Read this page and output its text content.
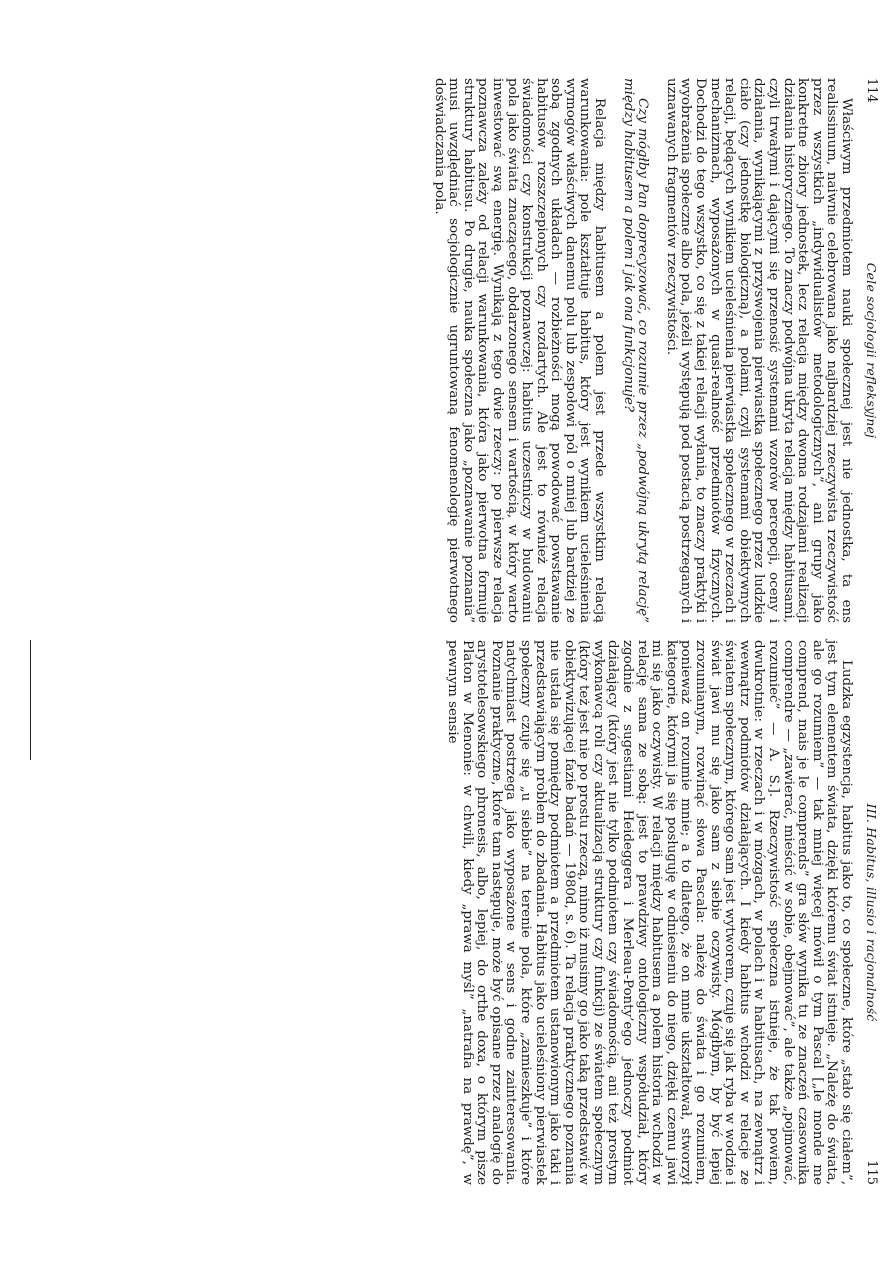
114
Cele socjologii refleksyjnej

Właściwym przedmiotem nauki społecznej jest nie jednostka, ta ens realissimum, naiwnie celebrowana jako najbardziej rzeczywista rzeczywistość przez wszystkich „indywidualistów metodologicznych”, ani grupy jako konkretne zbiory jednostek, lecz relacja między dwoma rodzajami realizacji działania historycznego. To znaczy podwójna ukryta relacja między habitusami, czyli trwałymi i dającymi się przenosić systemami wzorów percepcji, oceny i działania, wynikającymi z przyswojenia pierwiastka społecznego przez ludzkie ciało (czy jednostkę biologiczną), a polami, czyli systemami obiektywnych relacji, będących wynikiem ucieleśnienia pierwiastka społecznego w rzeczach i mechanizmach, wyposażonych w quasi-realność przedmiotów fizycznych. Dochodzi do tego wszystko, co się z takiej relacji wyłania, to znaczy praktyki i wyobrażenia społeczne albo pola, jeżeli występują pod postacią postrzeganych i uznawanych fragmentów rzeczywistości.

Czy mógłby Pan doprecyzować, co rozumie przez „podwójną ukrytą relację” między habitusem a polem i jak ona funkcjonuje?

Relacja między habitusem a polem jest przede wszystkim relacją warunkowania: pole kształtuje habitus, który jest wynikiem ucieleśnienia wymogów właściwych danemu polu lub zespołowi pól o mniej lub bardziej ze sobą zgodnych układach — rozbieżności mogą powodować powstawanie habitusów rozszczepionych czy rozdartych. Ale jest to również relacja świadomości czy konstrukcji poznawczej: habitus uczestniczy w budowaniu pola jako świata znaczącego, obdarzonego sensem i wartością, w który warto inwestować swą energię. Wynikają z tego dwie rzeczy: po pierwsze relacja poznawcza zależy od relacji warunkowania, która jako pierwotna formuje struktury habitusu. Po drugie, nauka społeczna jako „poznawanie poznania” musi uwzględniać socjologicznie ugruntowaną fenomenologię pierwotnego doświadczania pola.

III. Habitus, illusio i racjonalność
115

Ludzka egzystencja, habitus jako to, co społeczne, które „stało się ciałem”, jest tym elementem świata, dzięki któremu świat istnieje. „Należę do świata, ale go rozumiem” — tak mniej więcej mówił o tym Pascal [„le monde me comprend, mais je le comprends” gra słów wynika tu ze znaczeń czasownika comprendre — „zawierać, mieścić w sobie, obejmować”, ale także „pojmować, rozumieć” — A. S.]. Rzeczywistość społeczna istnieje, że tak powiem, dwukrotnie: w rzeczach i w mózgach, w polach i w habitusach, na zewnątrz i wewnątrz podmiotów działających. I kiedy habitus wchodzi w relacje ze światem społecznym, którego sam jest wytworem, czuje się jak ryba w wodzie i świat jawi mu się jako sam z siebie oczywisty. Mógłbym, by być lepiej zrozumianym, rozwinąć słowa Pascala: należę do świata i go rozumiem, ponieważ on rozumie mnie; a to dlatego, że on mnie ukształtował, stworzył kategorie, którymi ja się posługuję w odniesieniu do niego, dzięki czemu jawi mi się jako oczywisty. W relacji między habitusem a polem historia wchodzi w relację sama ze sobą: jest to prawdziwy ontologiczny współudział, który zgodnie z sugestiami Heideggera i Merleau-Ponty’ego jednoczy podmiot działający (który jest nie tylko podmiotem czy świadomością, ani też prostym wykonawcą roli czy aktualizacją struktury czy funkcji) ze światem społecznym (który też jest nie po prostu rzeczą, mimo iż musimy go jako taką przedstawić w obiektywizującej fazie badań — 1980d, s. 6). Ta relacja praktycznego poznania nie ustala się pomiędzy podmiotem a przedmiotem ustanowionym jako taki i przedstawiającym problem do zbadania. Habitus jako ucieleśniony pierwiastek społeczny czuje się „u siebie” na terenie pola, które „zamieszkuje” i które natychmiast postrzega jako wyposażone w sens i godne zainteresowania. Poznanie praktyczne, które tam następuje, może być opisane przez analogię do arystotelesowskiego phronesis, albo, lepiej, do orthe doxa, o którym pisze Platon w Menonie: w chwili, kiedy „prawa myśl” „natrafia na prawdę”, w pewnym sensie
